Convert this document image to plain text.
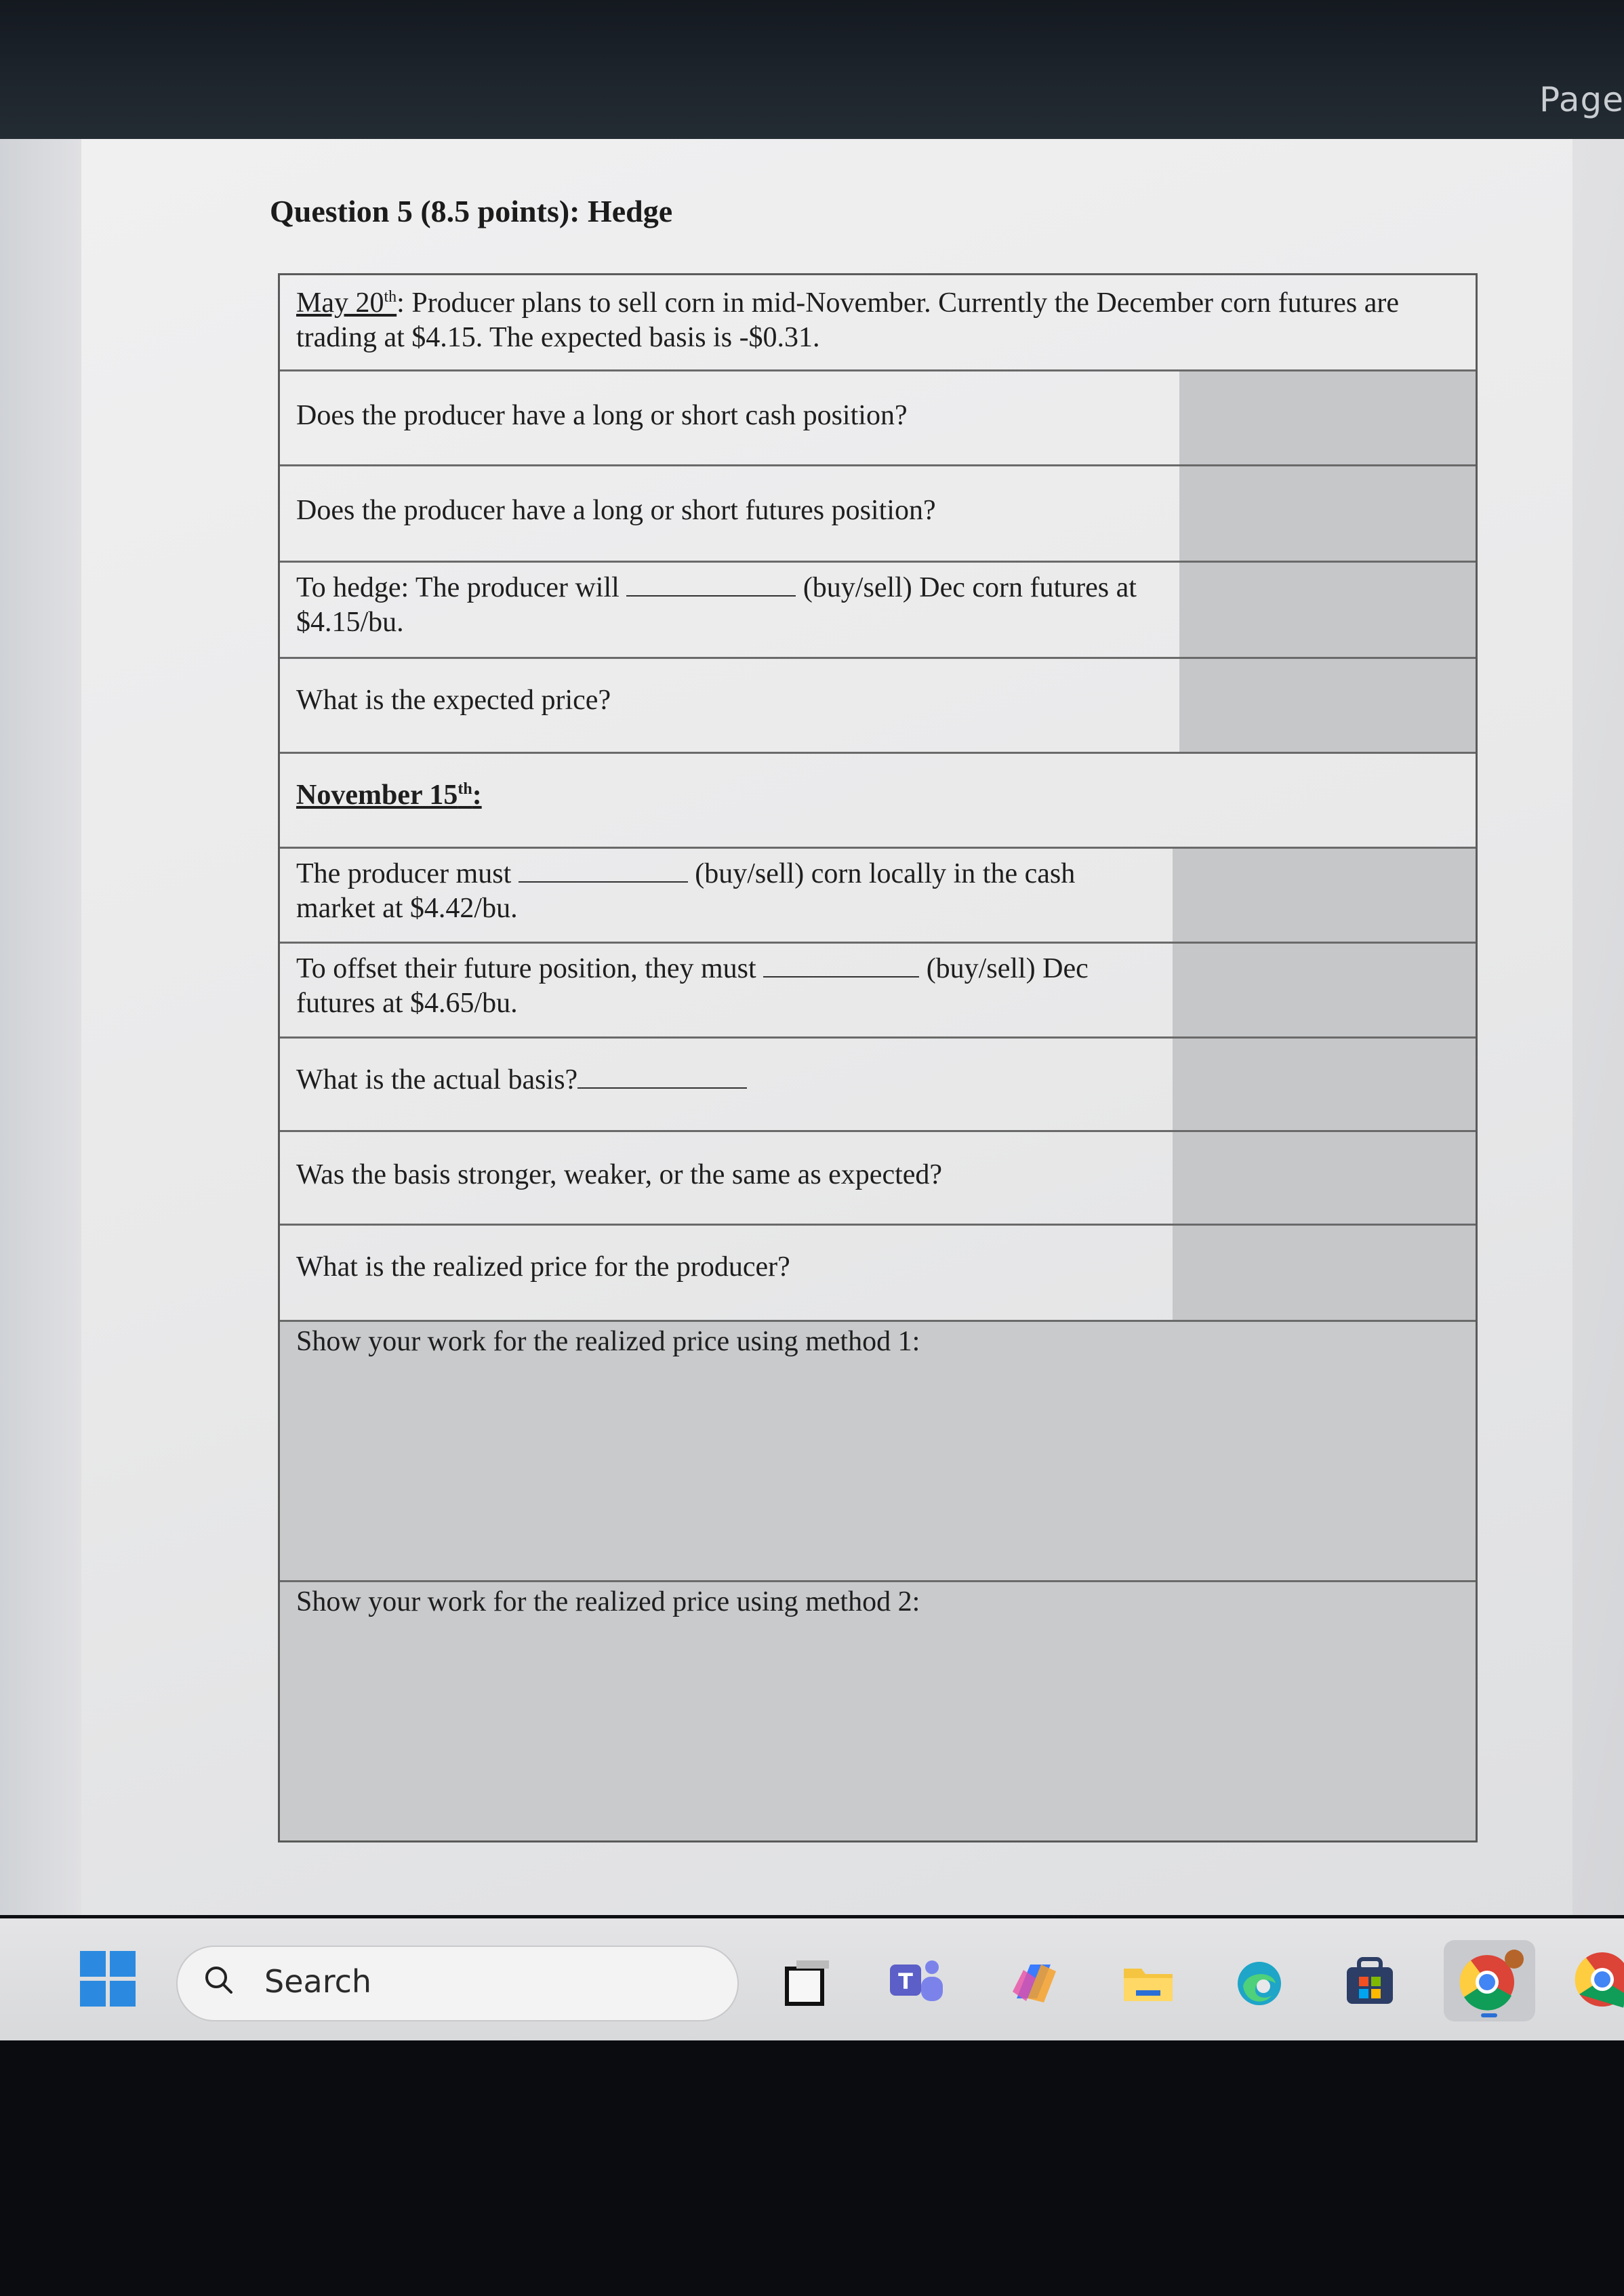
Page
Question 5 (8.5 points): Hedge
May 20th: Producer plans to sell corn in mid-November. Currently the December corn futures are trading at $4.15. The expected basis is -$0.31.
Does the producer have a long or short cash position?
Does the producer have a long or short futures position?
To hedge: The producer will	(buy/sell) Dec corn futures at $4.15/bu.
What is the expected price?
November 15th:
The producer must	(buy/sell) corn locally in the cash market at $4.42/bu.
To offset their future position, they must	(buy/sell) Dec futures at $4.65/bu.
What is the actual basis?
Was the basis stronger, weaker, or the same as expected?
What is the realized price for the producer?
Show your work for the realized price using method 1:
Show your work for the realized price using method 2:
Search	T
